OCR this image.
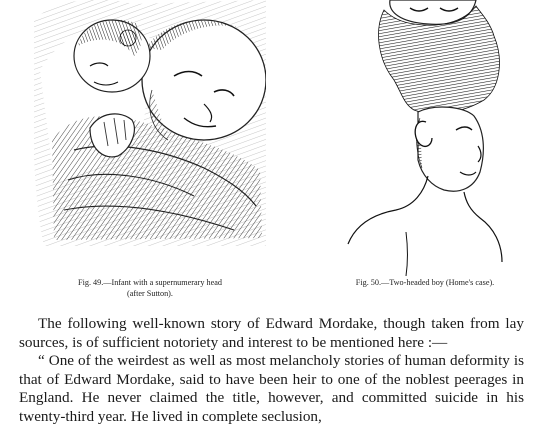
Fig. 49.—Infant with a supernumerary head
(after Sutton).
Fig. 50.—Two-headed boy (Home's case).

The following well-known story of Edward Mordake, though taken from lay sources, is of sufficient notoriety and interest to be mentioned here :—

“ One of the weirdest as well as most melancholy stories of human deformity is that of Edward Mordake, said to have been heir to one of the noblest peerages in England. He never claimed the title, however, and committed suicide in his twenty-third year. He lived in complete seclusion,
